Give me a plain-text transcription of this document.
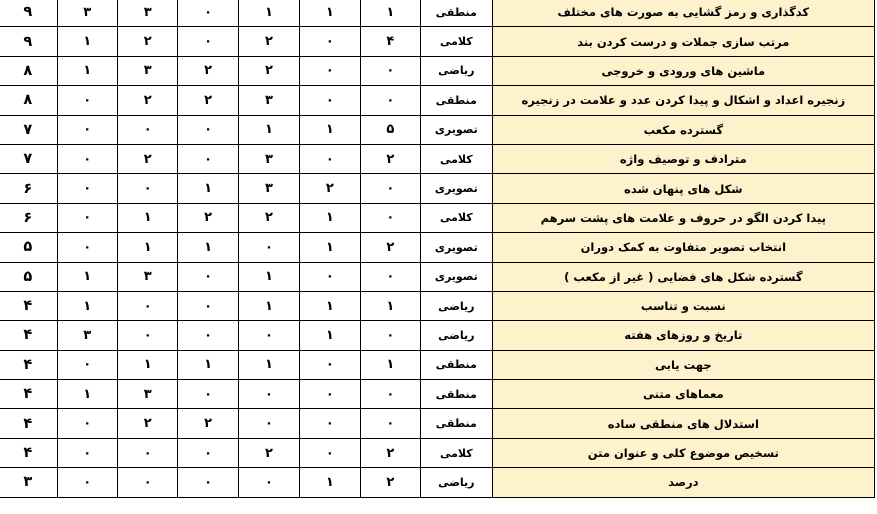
کدگذاری و رمز گشایی به صورت های مختلف	منطقی	۱	۱	۱	۰	۳	۳	۹
مرتب سازی جملات و درست کردن بند	کلامی	۴	۰	۲	۰	۲	۱	۹
ماشین های ورودی و خروجی	ریاضی	۰	۰	۲	۲	۳	۱	۸
زنجیره اعداد و اشکال و پیدا کردن عدد و علامت در زنجیره	منطقی	۰	۰	۳	۲	۲	۰	۸
گسترده مکعب	تصویری	۵	۱	۱	۰	۰	۰	۷
مترادف و توصیف واژه	کلامی	۲	۰	۳	۰	۲	۰	۷
شکل های پنهان شده	تصویری	۰	۲	۳	۱	۰	۰	۶
پیدا کردن الگو در حروف و علامت های پشت سرهم	کلامی	۰	۱	۲	۲	۱	۰	۶
انتخاب تصویر متفاوت به کمک دوران	تصویری	۲	۱	۰	۱	۱	۰	۵
گسترده شکل های فضایی ( غیر از مکعب )	تصویری	۰	۰	۱	۰	۳	۱	۵
نسبت و تناسب	ریاضی	۱	۱	۱	۰	۰	۱	۴
تاریخ و روزهای هفته	ریاضی	۰	۱	۰	۰	۰	۳	۴
جهت یابی	منطقی	۱	۰	۱	۱	۱	۰	۴
معماهای متنی	منطقی	۰	۰	۰	۰	۳	۱	۴
استدلال های منطقی ساده	منطقی	۰	۰	۰	۲	۲	۰	۴
تسخیص موضوع کلی و عنوان متن	کلامی	۲	۰	۲	۰	۰	۰	۴
درصد	ریاضی	۲	۱	۰	۰	۰	۰	۳
